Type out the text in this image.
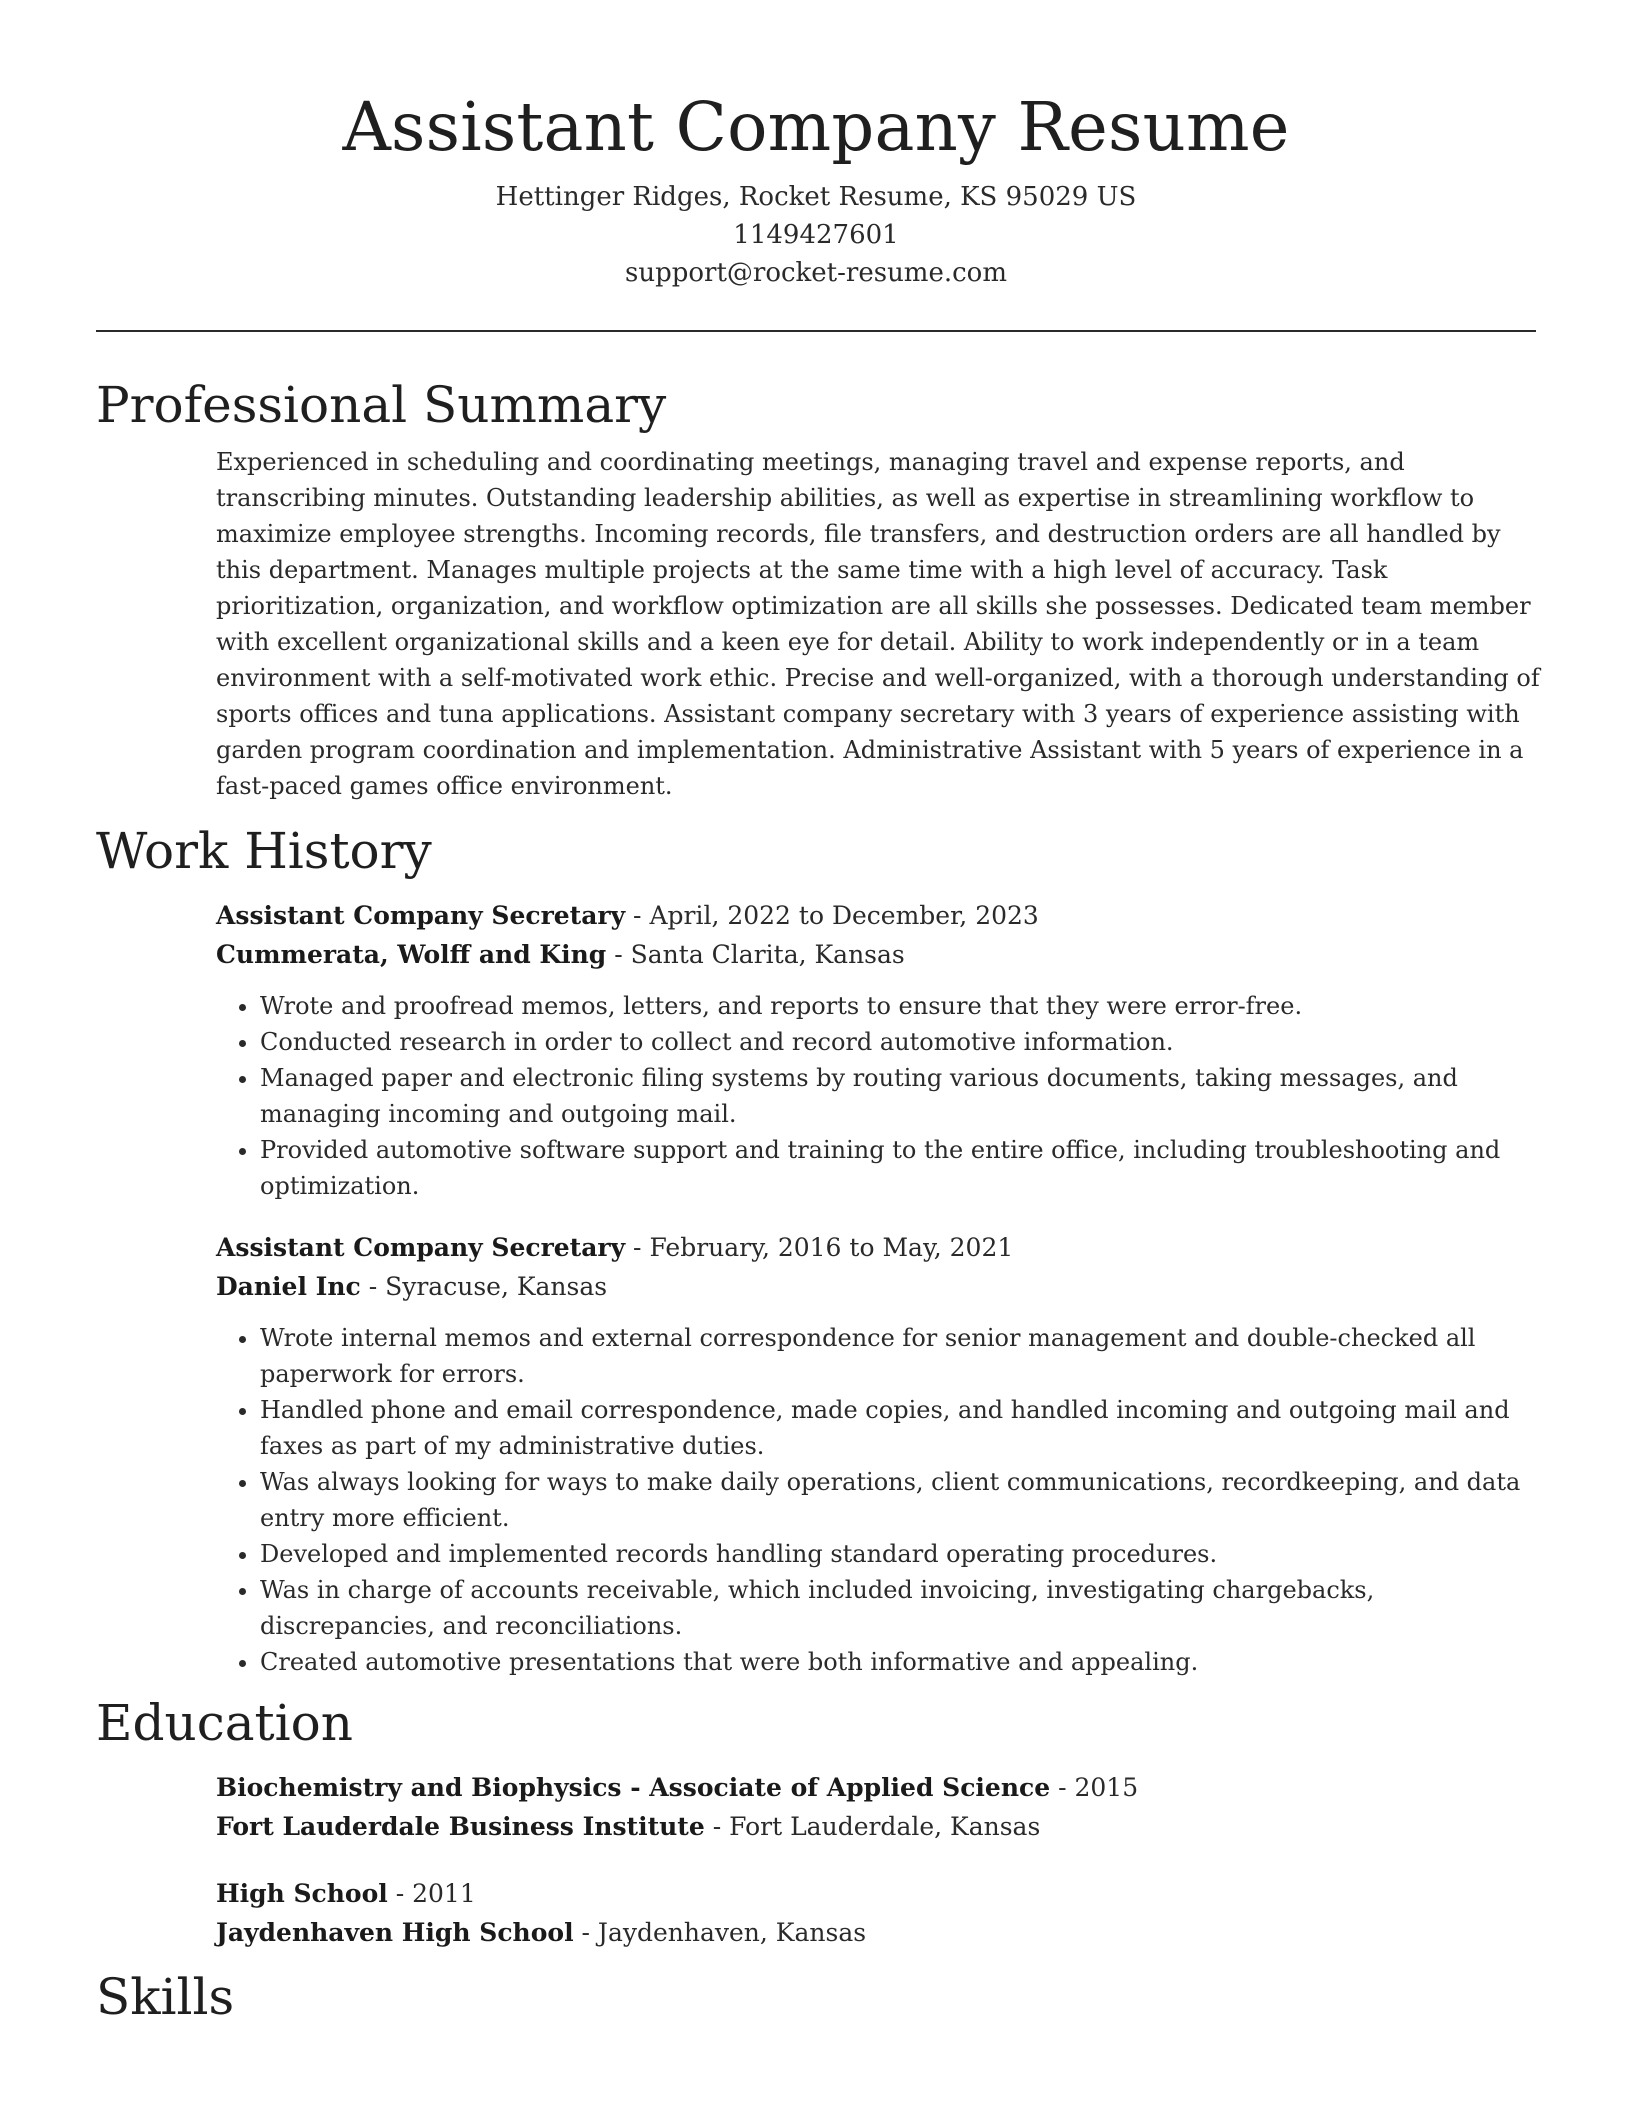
Assistant Company Resume
Hettinger Ridges, Rocket Resume, KS 95029 US
1149427601
support@rocket-resume.com
Professional Summary
Experienced in scheduling and coordinating meetings, managing travel and expense reports, and transcribing minutes. Outstanding leadership abilities, as well as expertise in streamlining workflow to maximize employee strengths. Incoming records, file transfers, and destruction orders are all handled by this department. Manages multiple projects at the same time with a high level of accuracy. Task prioritization, organization, and workflow optimization are all skills she possesses. Dedicated team member with excellent organizational skills and a keen eye for detail. Ability to work independently or in a team environment with a self-motivated work ethic. Precise and well-organized, with a thorough understanding of sports offices and tuna applications. Assistant company secretary with 3 years of experience assisting with garden program coordination and implementation. Administrative Assistant with 5 years of experience in a fast-paced games office environment.
Work History
Assistant Company Secretary - April, 2022 to December, 2023
Cummerata, Wolff and King - Santa Clarita, Kansas
• Wrote and proofread memos, letters, and reports to ensure that they were error-free.
• Conducted research in order to collect and record automotive information.
• Managed paper and electronic filing systems by routing various documents, taking messages, and managing incoming and outgoing mail.
• Provided automotive software support and training to the entire office, including troubleshooting and optimization.
Assistant Company Secretary - February, 2016 to May, 2021
Daniel Inc - Syracuse, Kansas
• Wrote internal memos and external correspondence for senior management and double-checked all paperwork for errors.
• Handled phone and email correspondence, made copies, and handled incoming and outgoing mail and faxes as part of my administrative duties.
• Was always looking for ways to make daily operations, client communications, recordkeeping, and data entry more efficient.
• Developed and implemented records handling standard operating procedures.
• Was in charge of accounts receivable, which included invoicing, investigating chargebacks, discrepancies, and reconciliations.
• Created automotive presentations that were both informative and appealing.
Education
Biochemistry and Biophysics - Associate of Applied Science - 2015
Fort Lauderdale Business Institute - Fort Lauderdale, Kansas
High School - 2011
Jaydenhaven High School - Jaydenhaven, Kansas
Skills
